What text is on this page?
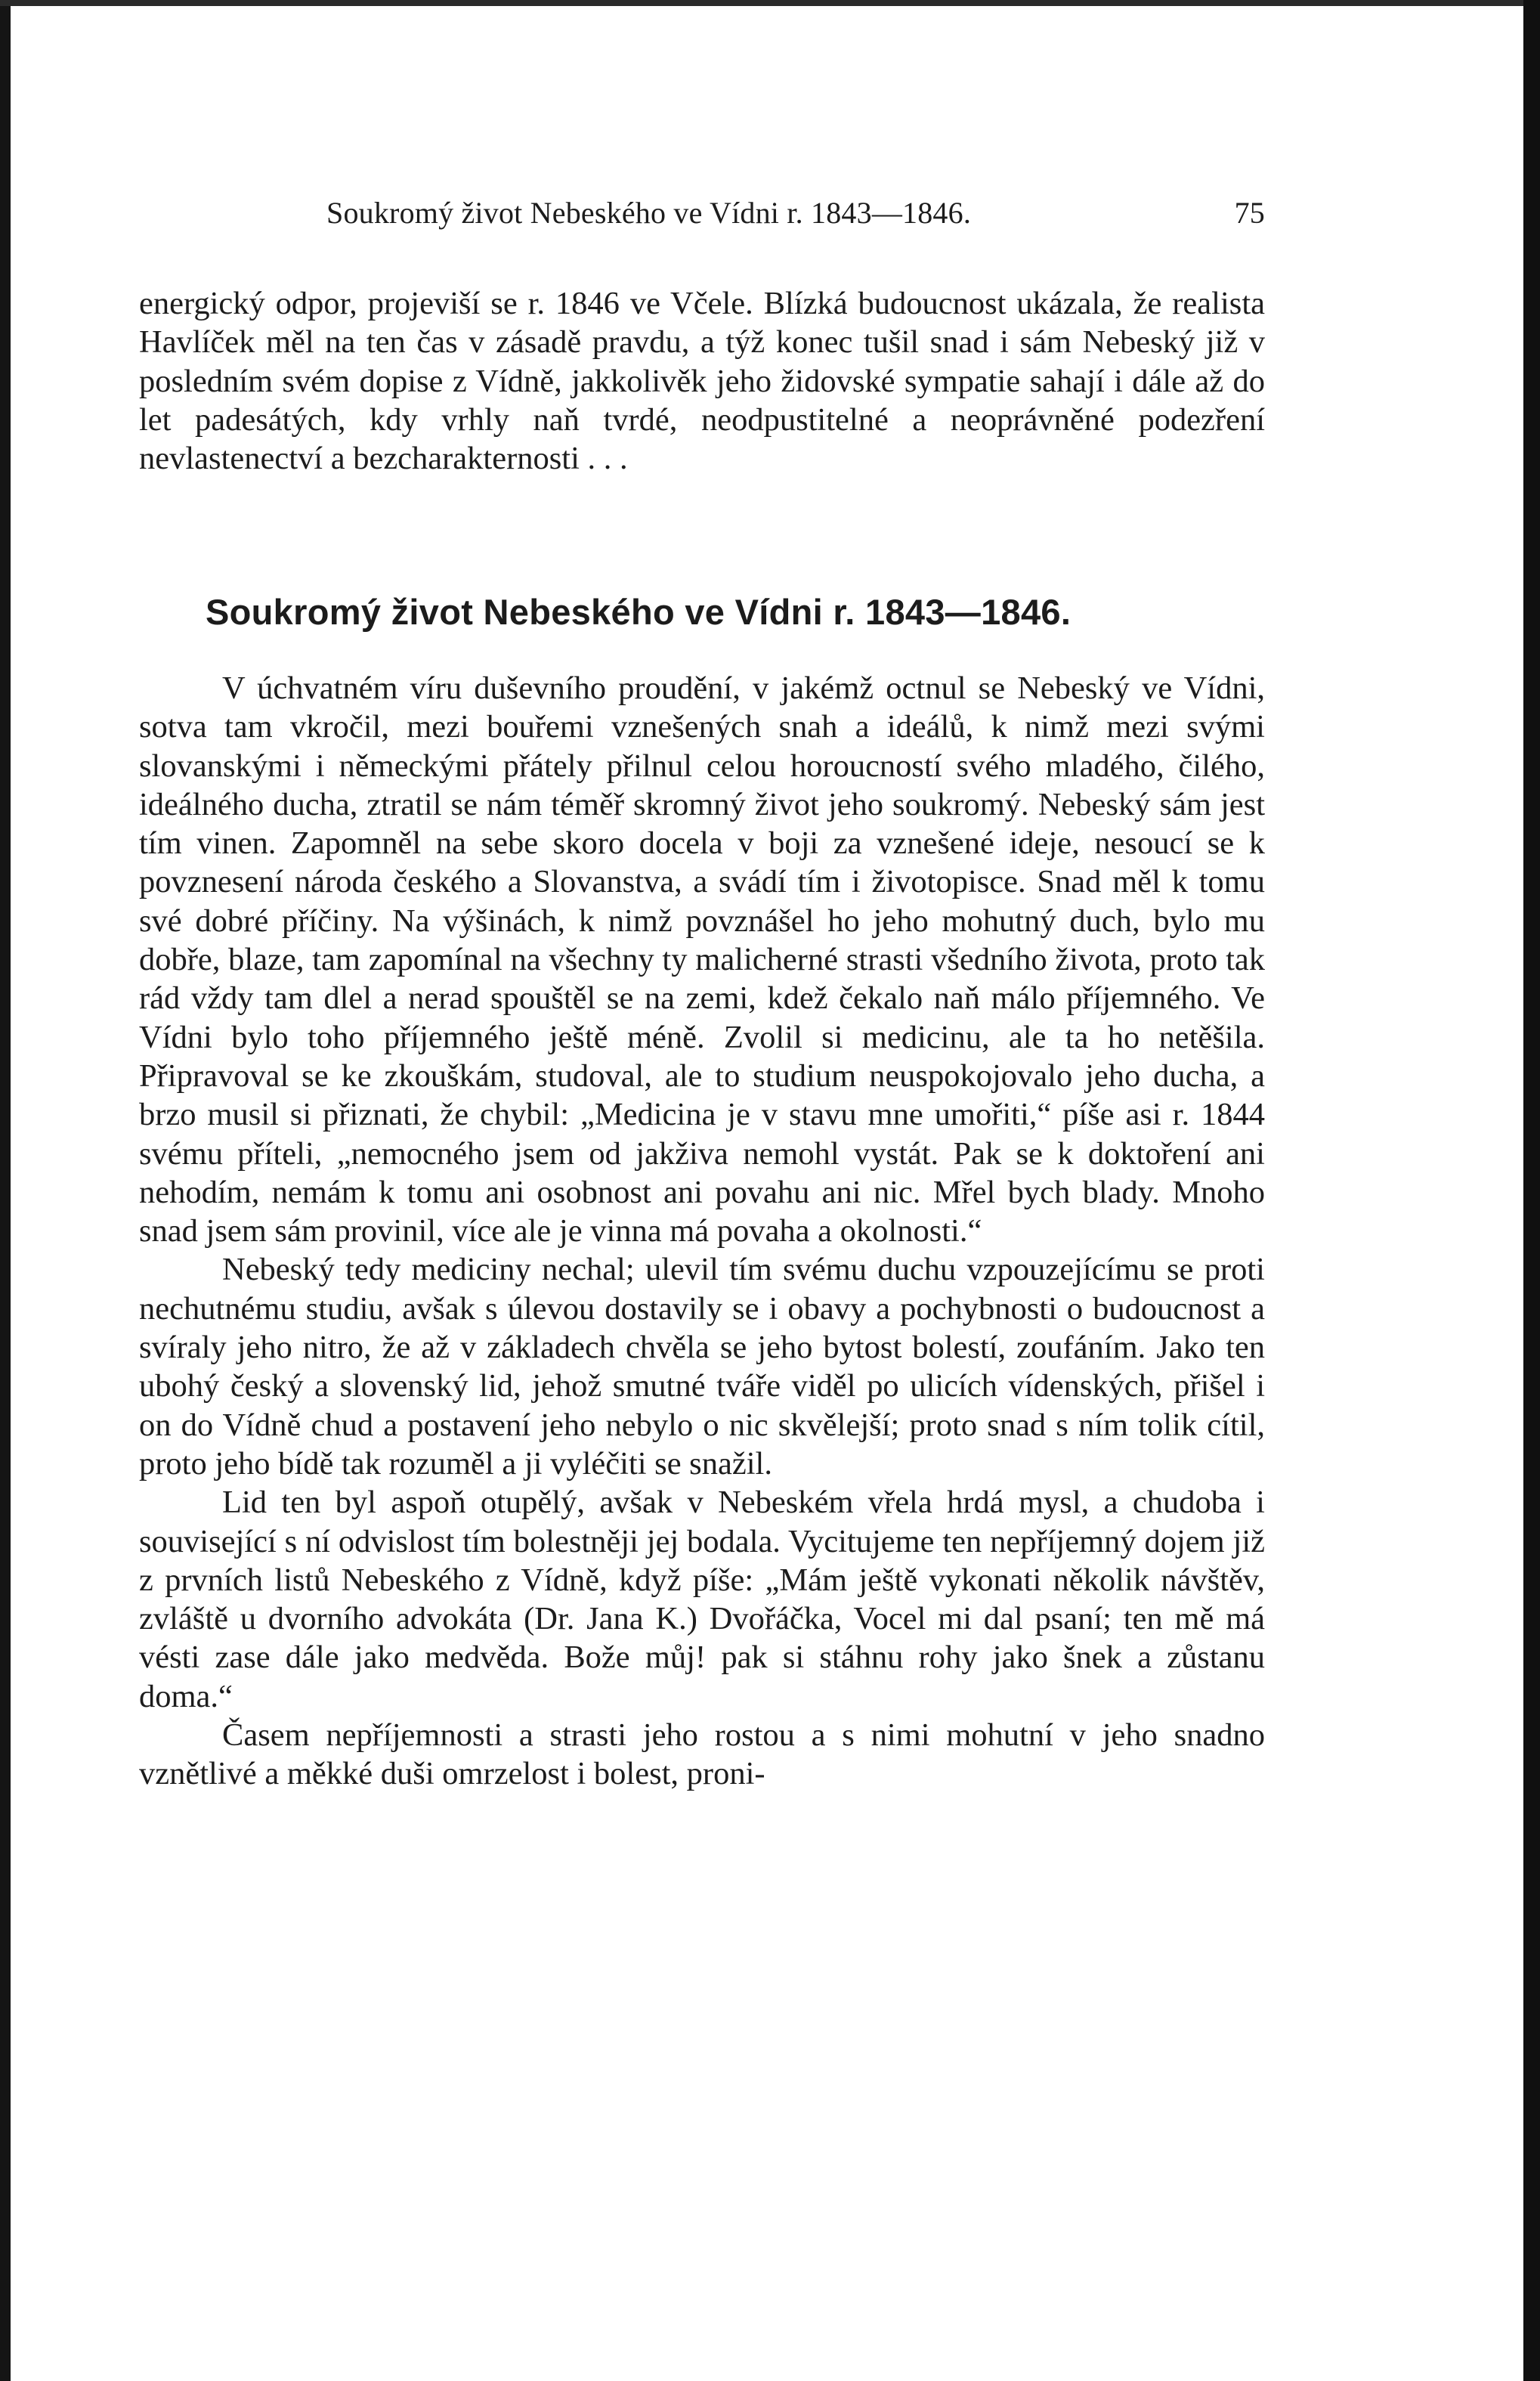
Soukromý život Nebeského ve Vídni r. 1843—1846.	75

energický odpor, projeviší se r. 1846 ve Včele. Blízká budoucnost ukázala, že realista Havlíček měl na ten čas v zásadě pravdu, a týž konec tušil snad i sám Nebeský již v posledním svém dopise z Vídně, jakkolivěk jeho židovské sympatie sahají i dále až do let padesátých, kdy vrhly naň tvrdé, neodpustitelné a neoprávněné podezření nevlastenectví a bezcharakternosti . . .

Soukromý život Nebeského ve Vídni r. 1843—1846.

V úchvatném víru duševního proudění, v jakémž octnul se Nebeský ve Vídni, sotva tam vkročil, mezi bouřemi vznešených snah a ideálů, k nimž mezi svými slovanskými i německými přátely přilnul celou horoucností svého mladého, čilého, ideálného ducha, ztratil se nám téměř skromný život jeho soukromý. Nebeský sám jest tím vinen. Zapomněl na sebe skoro docela v boji za vznešené ideje, nesoucí se k povznesení národa českého a Slovanstva, a svádí tím i životopisce. Snad měl k tomu své dobré příčiny. Na výšinách, k nimž povznášel ho jeho mohutný duch, bylo mu dobře, blaze, tam zapomínal na všechny ty malicherné strasti všedního života, proto tak rád vždy tam dlel a nerad spouštěl se na zemi, kdež čekalo naň málo příjemného. Ve Vídni bylo toho příjemného ještě méně. Zvolil si medicinu, ale ta ho netěšila. Připravoval se ke zkouškám, studoval, ale to studium neuspokojovalo jeho ducha, a brzo musil si přiznati, že chybil: „Medicina je v stavu mne umořiti,“ píše asi r. 1844 svému příteli, „nemocného jsem od jakživa nemohl vystát. Pak se k doktoření ani nehodím, nemám k tomu ani osobnost ani povahu ani nic. Mřel bych blady. Mnoho snad jsem sám provinil, více ale je vinna má povaha a okolnosti.“

Nebeský tedy mediciny nechal; ulevil tím svému duchu vzpouzejícímu se proti nechutnému studiu, avšak s úlevou dostavily se i obavy a pochybnosti o budoucnost a svíraly jeho nitro, že až v základech chvěla se jeho bytost bolestí, zoufáním. Jako ten ubohý český a slovenský lid, jehož smutné tváře viděl po ulicích vídenských, přišel i on do Vídně chud a postavení jeho nebylo o nic skvělejší; proto snad s ním tolik cítil, proto jeho bídě tak rozuměl a ji vyléčiti se snažil.

Lid ten byl aspoň otupělý, avšak v Nebeském vřela hrdá mysl, a chudoba i související s ní odvislost tím bolestněji jej bodala. Vycitujeme ten nepříjemný dojem již z prvních listů Nebeského z Vídně, když píše: „Mám ještě vykonati několik návštěv, zvláště u dvorního advokáta (Dr. Jana K.) Dvořáčka, Vocel mi dal psaní; ten mě má vésti zase dále jako medvěda. Bože můj! pak si stáhnu rohy jako šnek a zůstanu doma.“

Časem nepříjemnosti a strasti jeho rostou a s nimi mohutní v jeho snadno vznětlivé a měkké duši omrzelost i bolest, proni-
